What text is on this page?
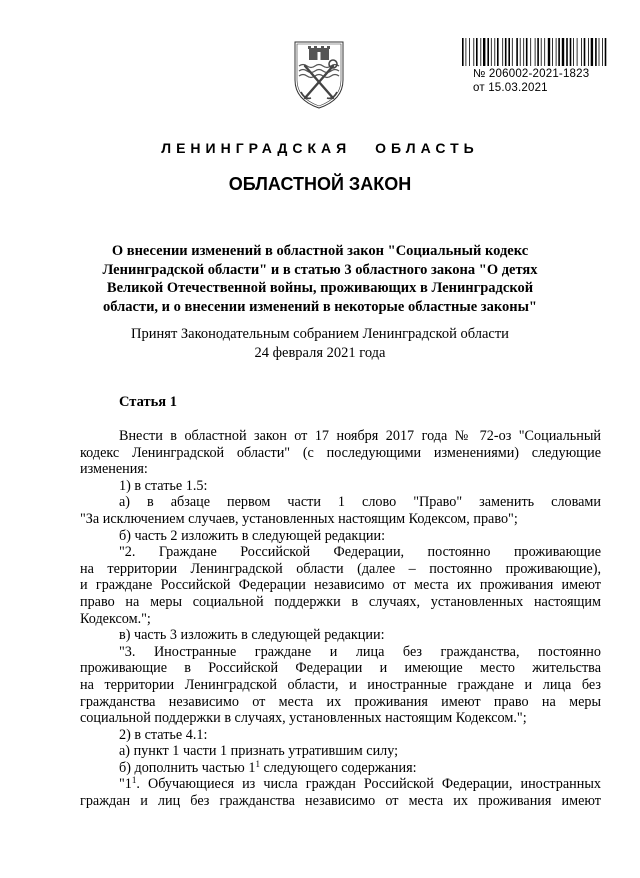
№ 206002-2021-1823
от 15.03.2021
ЛЕНИНГРАДСКАЯ ОБЛАСТЬ
ОБЛАСТНОЙ ЗАКОН
О внесении изменений в областной закон "Социальный кодекс
Ленинградской области" и в статью 3 областного закона "О детях
Великой Отечественной войны, проживающих в Ленинградской
области, и о внесении изменений в некоторые областные законы"
Принят Законодательным собранием Ленинградской области
24 февраля 2021 года
Статья 1

Внести в областной закон от 17 ноября 2017 года № 72-оз "Социальный

кодекс Ленинградской области" (с последующими изменениями) следующие

изменения:

1) в статье 1.5:

а) в абзаце первом части 1 слово "Право" заменить словами

"За исключением случаев, установленных настоящим Кодексом, право";

б) часть 2 изложить в следующей редакции:

"2. Граждане Российской Федерации, постоянно проживающие

на территории Ленинградской области (далее – постоянно проживающие),

и граждане Российской Федерации независимо от места их проживания имеют

право на меры социальной поддержки в случаях, установленных настоящим

Кодексом.";

в) часть 3 изложить в следующей редакции:

"3. Иностранные граждане и лица без гражданства, постоянно

проживающие в Российской Федерации и имеющие место жительства

на территории Ленинградской области, и иностранные граждане и лица без

гражданства независимо от места их проживания имеют право на меры

социальной поддержки в случаях, установленных настоящим Кодексом.";

2) в статье 4.1:

а) пункт 1 части 1 признать утратившим силу;

б) дополнить частью $1^1$ следующего содержания:

"$1^1$. Обучающиеся из числа граждан Российской Федерации, иностранных

граждан и лиц без гражданства независимо от места их проживания имеют
